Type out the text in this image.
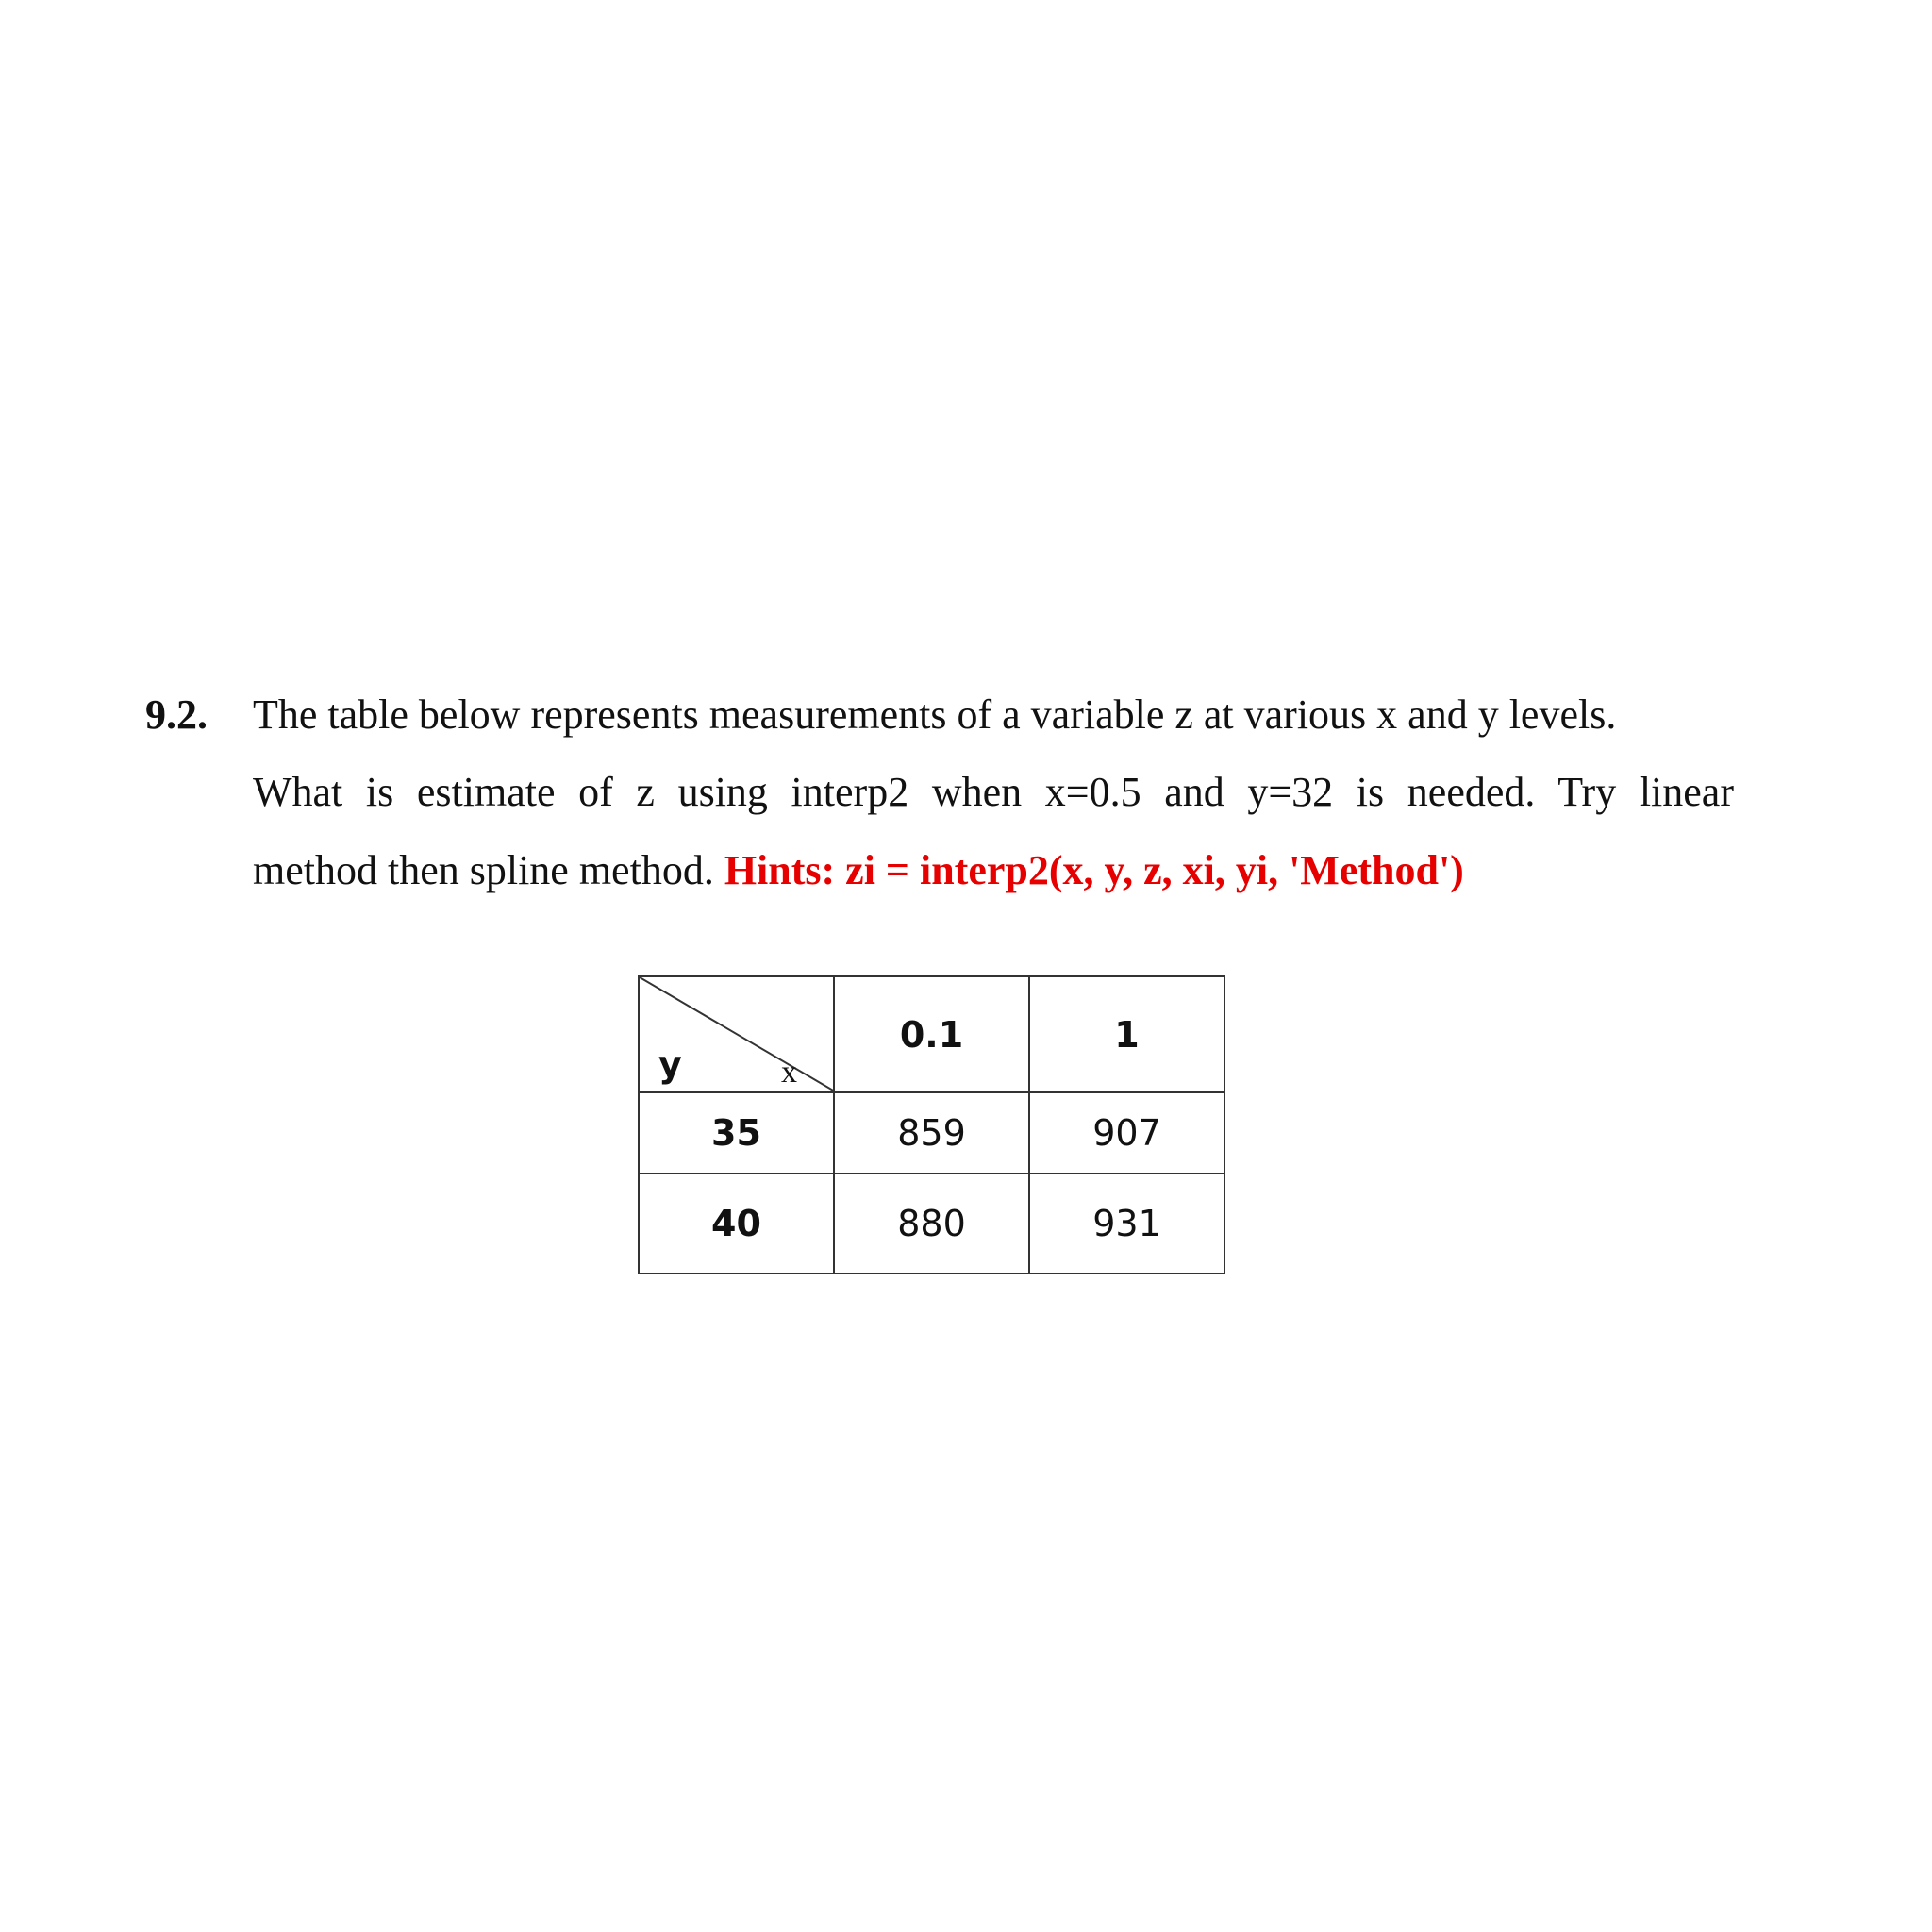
9.2. The table below represents measurements of a variable z at various x and y levels.
What is estimate of z using interp2 when x=0.5 and y=32 is needed. Try linear
method then spline method. Hints: zi = interp2(x, y, z, xi, yi, 'Method')
y x	0.1	1
35	859	907
40	880	931
